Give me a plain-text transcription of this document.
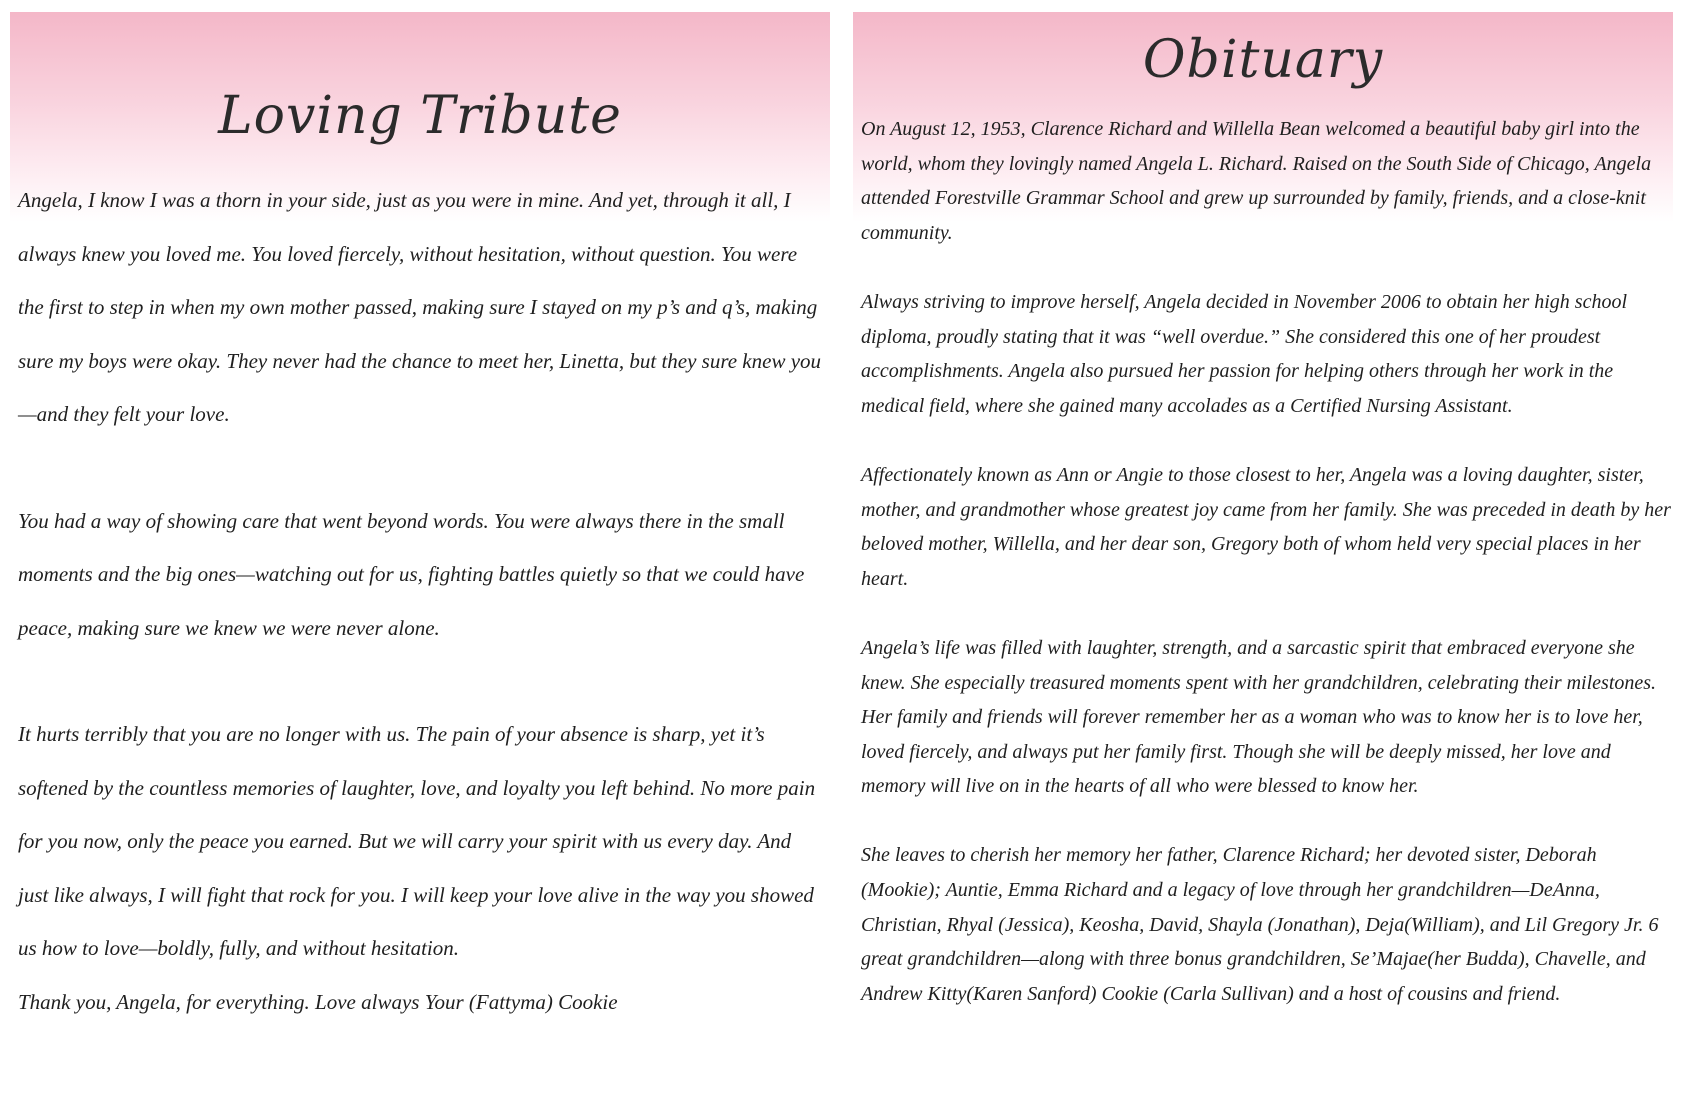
Loving Tribute

Angela, I know I was a thorn in your side, just as you were in mine. And yet, through it all, I always knew you loved me. You loved fiercely, without hesitation, without question. You were the first to step in when my own mother passed, making sure I stayed on my p’s and q’s, making sure my boys were okay. They never had the chance to meet her, Linetta, but they sure knew you—and they felt your love.

You had a way of showing care that went beyond words. You were always there in the small moments and the big ones—watching out for us, fighting battles quietly so that we could have peace, making sure we knew we were never alone.

It hurts terribly that you are no longer with us. The pain of your absence is sharp, yet it’s softened by the countless memories of laughter, love, and loyalty you left behind. No more pain for you now, only the peace you earned. But we will carry your spirit with us every day. And just like always, I will fight that rock for you. I will keep your love alive in the way you showed us how to love—boldly, fully, and without hesitation.

Thank you, Angela, for everything. Love always Your (Fattyma) Cookie

Obituary

On August 12, 1953, Clarence Richard and Willella Bean welcomed a beautiful baby girl into the world, whom they lovingly named Angela L. Richard. Raised on the South Side of Chicago, Angela attended Forestville Grammar School and grew up surrounded by family, friends, and a close-knit community.

Always striving to improve herself, Angela decided in November 2006 to obtain her high school diploma, proudly stating that it was “well overdue.” She considered this one of her proudest accomplishments. Angela also pursued her passion for helping others through her work in the medical field, where she gained many accolades as a Certified Nursing Assistant.

Affectionately known as Ann or Angie to those closest to her, Angela was a loving daughter, sister, mother, and grandmother whose greatest joy came from her family. She was preceded in death by her beloved mother, Willella, and her dear son, Gregory both of whom held very special places in her heart.

Angela’s life was filled with laughter, strength, and a sarcastic spirit that embraced everyone she knew. She especially treasured moments spent with her grandchildren, celebrating their milestones. Her family and friends will forever remember her as a woman who was to know her is to love her, loved fiercely, and always put her family first. Though she will be deeply missed, her love and memory will live on in the hearts of all who were blessed to know her.

She leaves to cherish her memory her father, Clarence Richard; her devoted sister, Deborah (Mookie); Auntie, Emma Richard and a legacy of love through her grandchildren—DeAnna, Christian, Rhyal (Jessica), Keosha, David, Shayla (Jonathan), Deja(William), and Lil Gregory Jr. 6 great grandchildren—along with three bonus grandchildren, Se’Majae(her Budda), Chavelle, and Andrew Kitty(Karen Sanford) Cookie (Carla Sullivan) and a host of cousins and friend.
